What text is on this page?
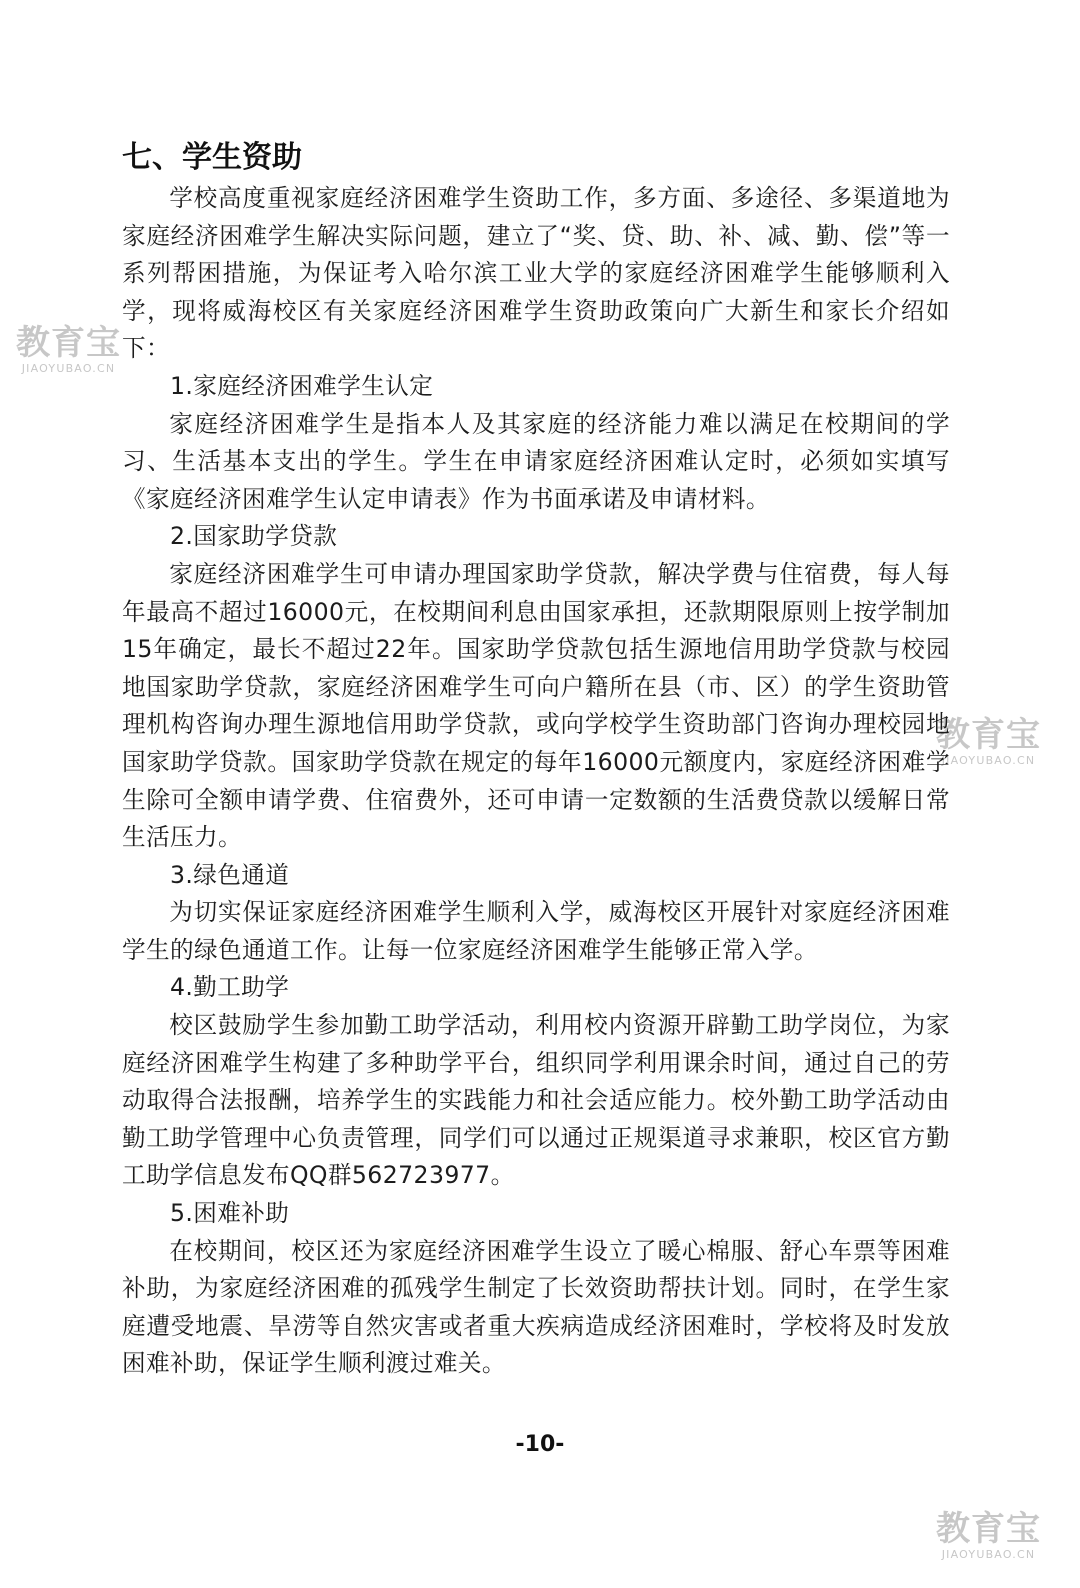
教育宝
JIAOYUBAO.CN
教育宝
JIAOYUBAO.CN
教育宝
JIAOYUBAO.CN
七、学生资助

学校高度重视家庭经济困难学生资助工作，多方面、多途径、多渠道地为家庭经济困难学生解决实际问题，建立了“奖、贷、助、补、减、勤、偿”等一系列帮困措施，为保证考入哈尔滨工业大学的家庭经济困难学生能够顺利入学，现将威海校区有关家庭经济困难学生资助政策向广大新生和家长介绍如下：

1.家庭经济困难学生认定

家庭经济困难学生是指本人及其家庭的经济能力难以满足在校期间的学习、生活基本支出的学生。学生在申请家庭经济困难认定时，必须如实填写《家庭经济困难学生认定申请表》作为书面承诺及申请材料。

2.国家助学贷款

家庭经济困难学生可申请办理国家助学贷款，解决学费与住宿费，每人每年最高不超过16000元，在校期间利息由国家承担，还款期限原则上按学制加15年确定，最长不超过22年。国家助学贷款包括生源地信用助学贷款与校园地国家助学贷款，家庭经济困难学生可向户籍所在县（市、区）的学生资助管理机构咨询办理生源地信用助学贷款，或向学校学生资助部门咨询办理校园地国家助学贷款。国家助学贷款在规定的每年16000元额度内，家庭经济困难学生除可全额申请学费、住宿费外，还可申请一定数额的生活费贷款以缓解日常生活压力。

3.绿色通道

为切实保证家庭经济困难学生顺利入学，威海校区开展针对家庭经济困难学生的绿色通道工作。让每一位家庭经济困难学生能够正常入学。

4.勤工助学

校区鼓励学生参加勤工助学活动，利用校内资源开辟勤工助学岗位，为家庭经济困难学生构建了多种助学平台，组织同学利用课余时间，通过自己的劳动取得合法报酬，培养学生的实践能力和社会适应能力。校外勤工助学活动由勤工助学管理中心负责管理，同学们可以通过正规渠道寻求兼职，校区官方勤工助学信息发布QQ群562723977。

5.困难补助

在校期间，校区还为家庭经济困难学生设立了暖心棉服、舒心车票等困难补助，为家庭经济困难的孤残学生制定了长效资助帮扶计划。同时，在学生家庭遭受地震、旱涝等自然灾害或者重大疾病造成经济困难时，学校将及时发放困难补助，保证学生顺利渡过难关。

-10-
